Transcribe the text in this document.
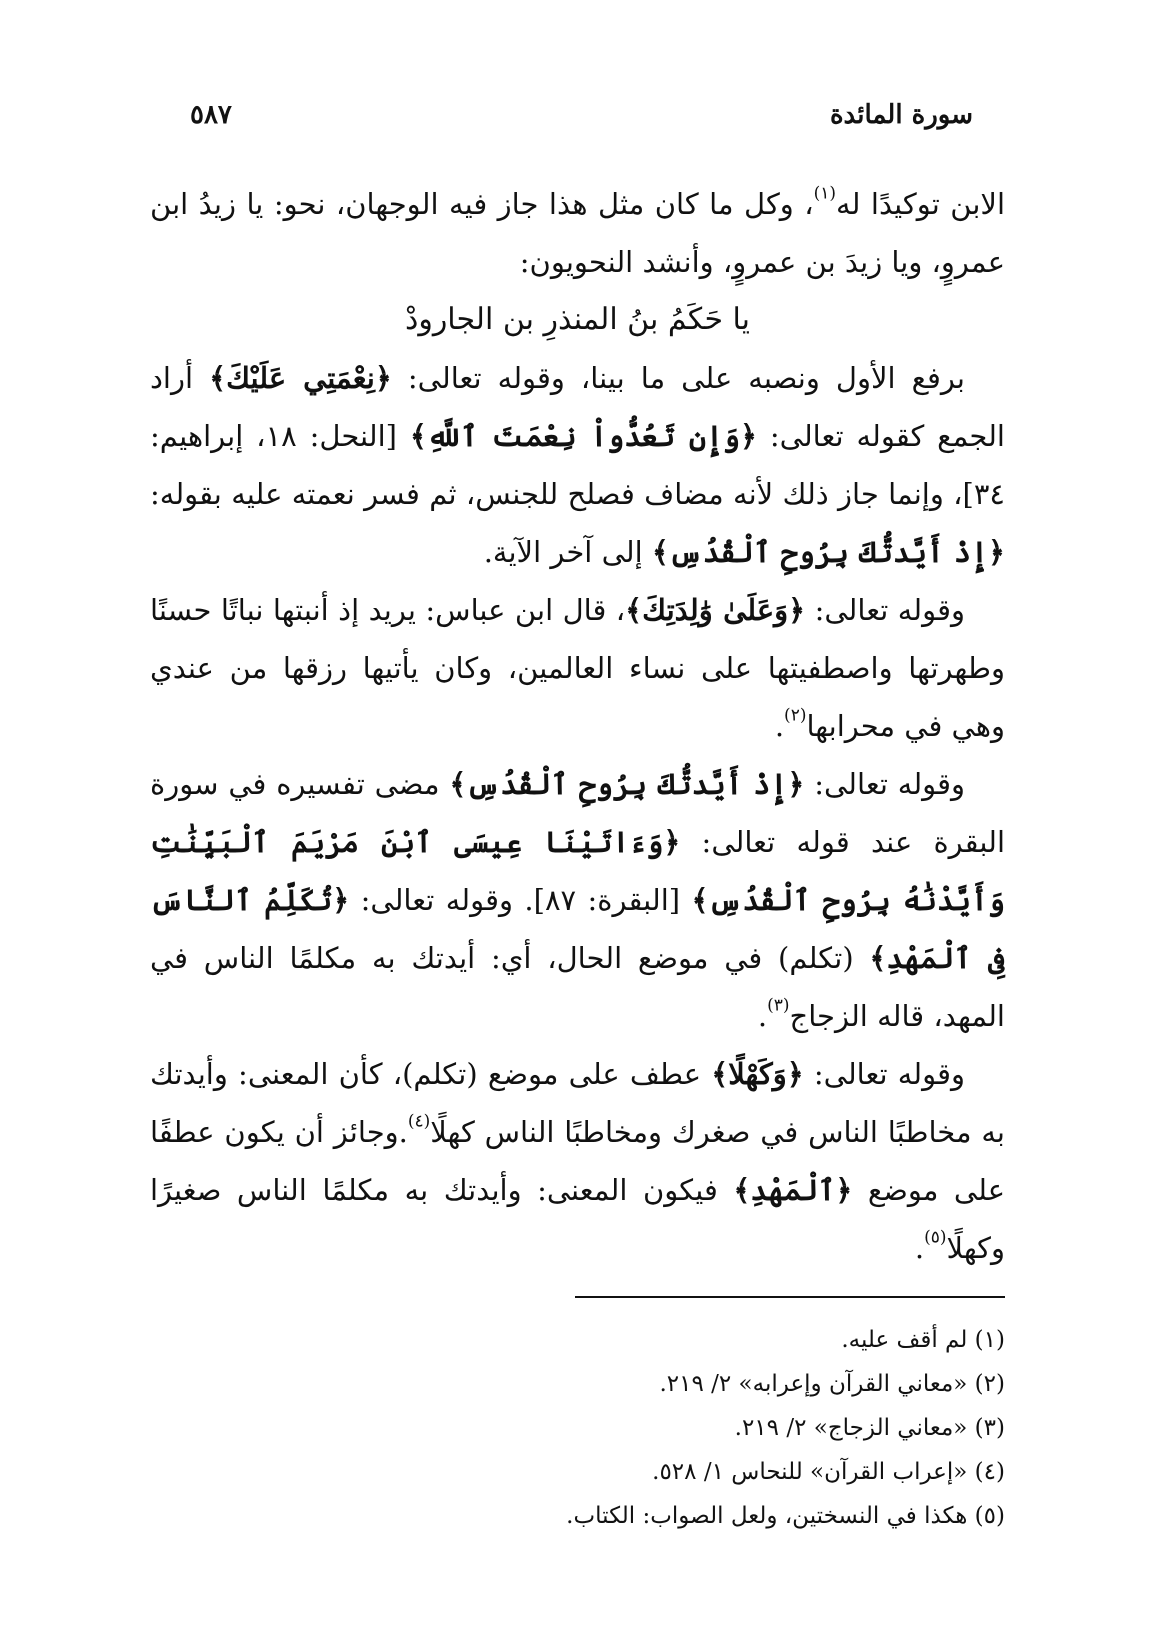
سورة المائدة
٥٨٧

الابن توكيدًا له$^{(١)}$، وكل ما كان مثل هذا جاز فيه الوجهان، نحو: يا زيدُ ابن عمروٍ، ويا زيدَ بن عمروٍ، وأنشد النحويون:

يا حَكَمُ بنُ المنذرِ بن الجارودْ

برفع الأول ونصبه على ما بينا، وقوله تعالى: ﴿نِعْمَتِي عَلَيْكَ﴾ أراد الجمع كقوله تعالى: ﴿وَإِن تَعُدُّواْ نِعْمَتَ ٱللَّهِ﴾ [النحل: ١٨، إبراهيم: ٣٤]، وإنما جاز ذلك لأنه مضاف فصلح للجنس، ثم فسر نعمته عليه بقوله: ﴿إِذْ أَيَّدتُّكَ بِرُوحِ ٱلْقُدُسِ﴾ إلى آخر الآية.

وقوله تعالى: ﴿وَعَلَىٰ وَٰلِدَتِكَ﴾، قال ابن عباس: يريد إذ أنبتها نباتًا حسنًا وطهرتها واصطفيتها على نساء العالمين، وكان يأتيها رزقها من عندي وهي في محرابها$^{(٢)}$.

وقوله تعالى: ﴿إِذْ أَيَّدتُّكَ بِرُوحِ ٱلْقُدُسِ﴾ مضى تفسيره في سورة البقرة عند قوله تعالى: ﴿وَءَاتَيْنَا عِيسَى ٱبْنَ مَرْيَمَ ٱلْبَيِّنَٰتِ وَأَيَّدْنَٰهُ بِرُوحِ ٱلْقُدُسِ﴾ [البقرة: ٨٧]. وقوله تعالى: ﴿تُكَلِّمُ ٱلنَّاسَ فِى ٱلْمَهْدِ﴾ (تكلم) في موضع الحال، أي: أيدتك به مكلمًا الناس في المهد، قاله الزجاج$^{(٣)}$.

وقوله تعالى: ﴿وَكَهْلًا﴾ عطف على موضع (تكلم)، كأن المعنى: وأيدتك به مخاطبًا الناس في صغرك ومخاطبًا الناس كهلًا$^{(٤)}$.وجائز أن يكون عطفًا على موضع ﴿ٱلْمَهْدِ﴾ فيكون المعنى: وأيدتك به مكلمًا الناس صغيرًا وكهلًا$^{(٥)}$.

(١) لم أقف عليه.
(٢) «معاني القرآن وإعرابه» ٢/ ٢١٩.
(٣) «معاني الزجاج» ٢/ ٢١٩.
(٤) «إعراب القرآن» للنحاس ١/ ٥٢٨.
(٥) هكذا في النسختين، ولعل الصواب: الكتاب.
